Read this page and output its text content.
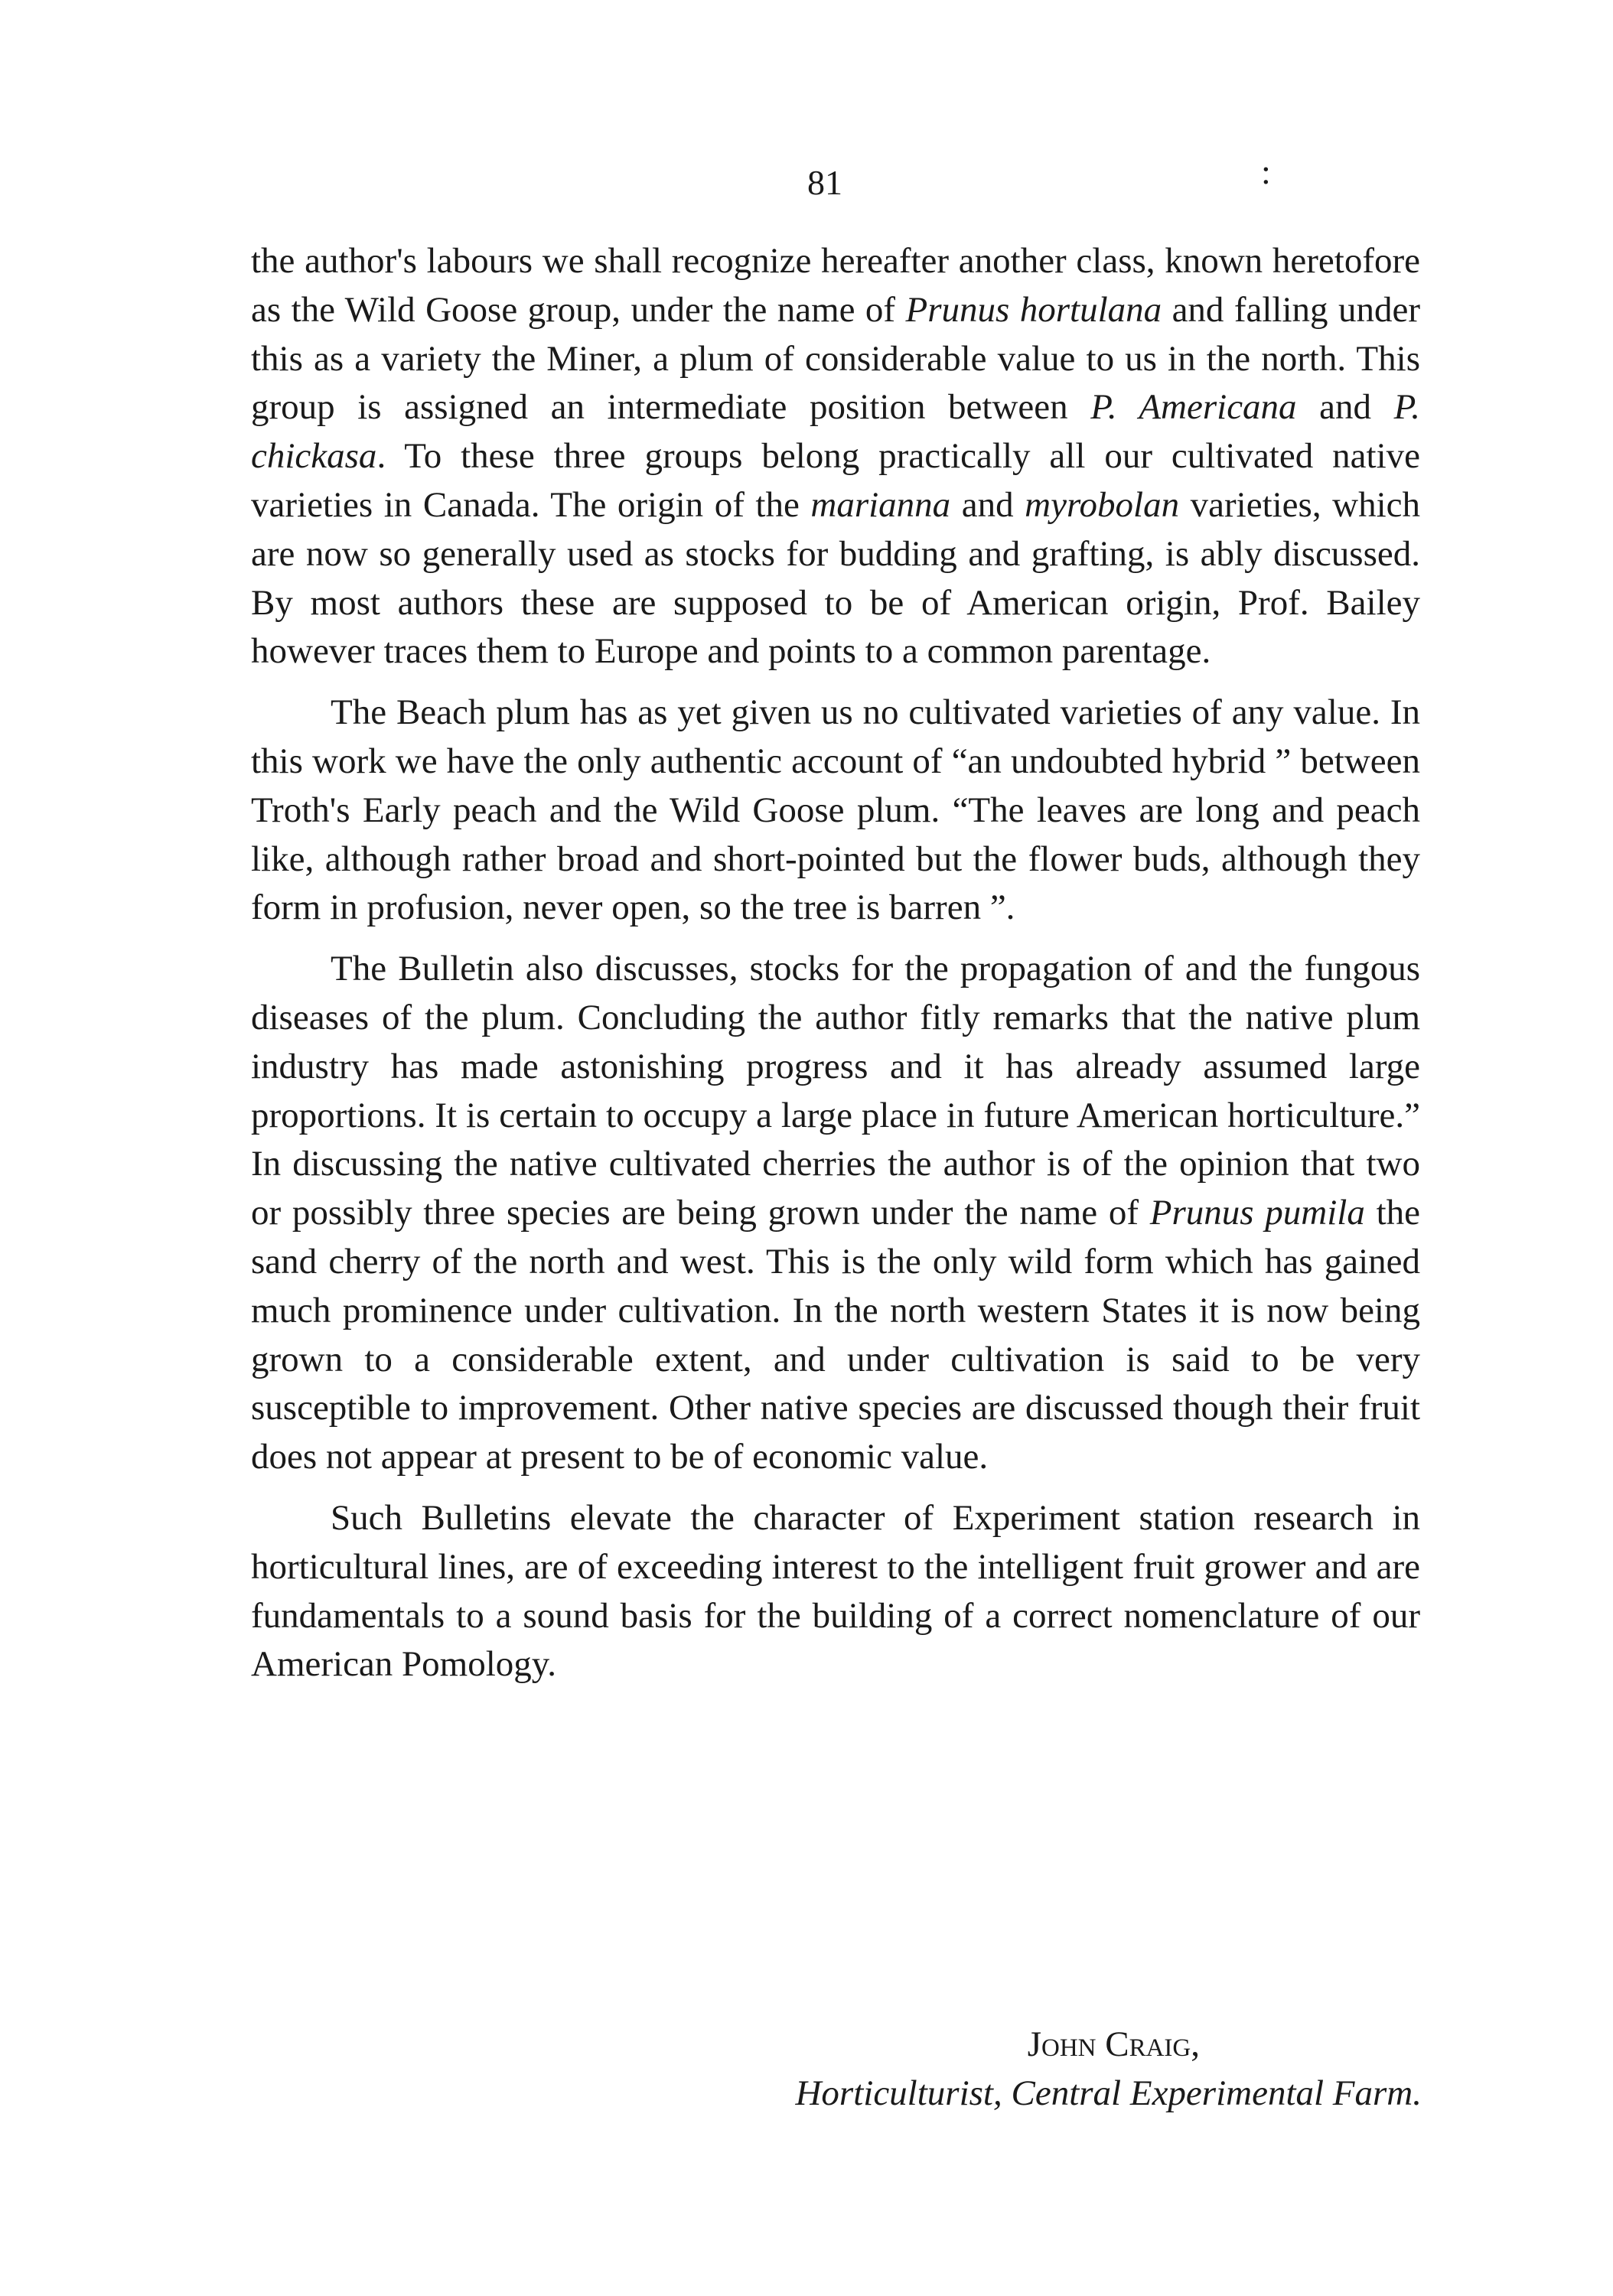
81	:

the author's labours we shall recognize hereafter another class, known heretofore as the Wild Goose group, under the name of Prunus hortulana and falling under this as a variety the Miner, a plum of considerable value to us in the north. This group is assigned an intermediate position between P. Americana and P. chickasa. To these three groups belong practically all our cultivated native varieties in Canada. The origin of the marianna and myrobolan varieties, which are now so generally used as stocks for budding and grafting, is ably discussed. By most authors these are supposed to be of American origin, Prof. Bailey however traces them to Europe and points to a common parentage.

The Beach plum has as yet given us no cultivated varieties of any value. In this work we have the only authentic account of “an undoubted hybrid ” between Troth's Early peach and the Wild Goose plum. “The leaves are long and peach like, although rather broad and short-pointed but the flower buds, although they form in profusion, never open, so the tree is barren ”.

The Bulletin also discusses, stocks for the propagation of and the fungous diseases of the plum. Concluding the author fitly remarks that the native plum industry has made astonishing progress and it has already assumed large proportions. It is certain to occupy a large place in future American horticulture.” In discussing the native cultivated cherries the author is of the opinion that two or possibly three species are being grown under the name of Prunus pumila the sand cherry of the north and west. This is the only wild form which has gained much prominence under cultivation. In the north western States it is now being grown to a considerable extent, and under cultivation is said to be very susceptible to improvement. Other native species are discussed though their fruit does not appear at present to be of economic value.

Such Bulletins elevate the character of Experiment station research in horticultural lines, are of exceeding interest to the intelligent fruit grower and are fundamentals to a sound basis for the building of a correct nomenclature of our American Pomology.

John Craig,
Horticulturist, Central Experimental Farm.
